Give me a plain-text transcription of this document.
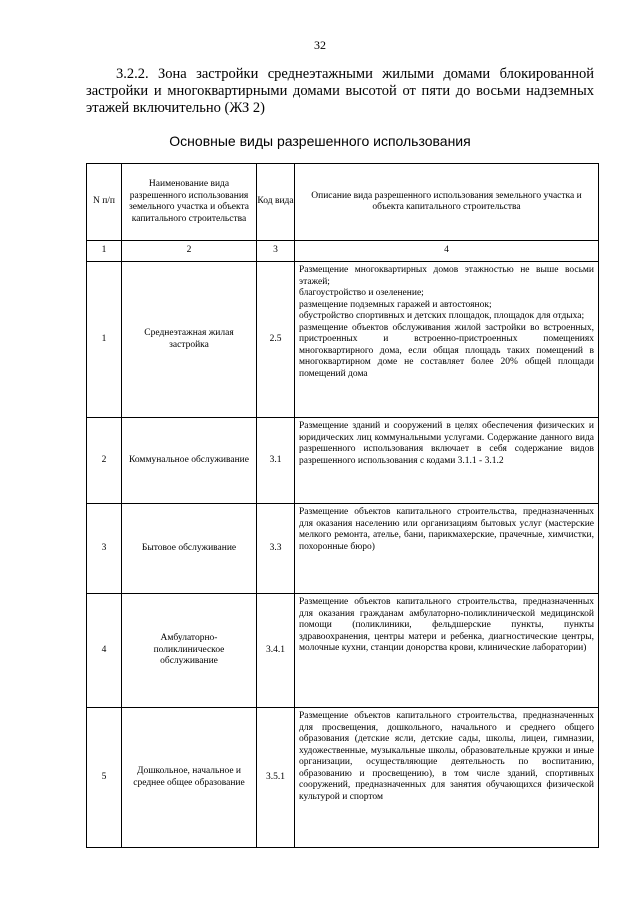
32
3.2.2. Зона застройки среднеэтажными жилыми домами блокированной застройки и многоквартирными домами высотой от пяти до восьми надземных этажей включительно (ЖЗ 2)
Основные виды разрешенного использования
N п/п	Наименование вида разрешенного использования земельного участка и объекта капитального строительства	Код вида	Описание вида разрешенного использования земельного участка и объекта капитального строительства
1	2	3	4
1	Среднеэтажная жилая застройка	2.5	Размещение многоквартирных домов этажностью не выше восьми этажей;
благоустройство и озеленение;
размещение подземных гаражей и автостоянок;
обустройство спортивных и детских площадок, площадок для отдыха;
размещение объектов обслуживания жилой застройки во встроенных, пристроенных и встроенно-пристроенных помещениях многоквартирного дома, если общая площадь таких помещений в многоквартирном доме не составляет более 20% общей площади помещений дома

2	Коммунальное обслуживание	3.1	Размещение зданий и сооружений в целях обеспечения физических и юридических лиц коммунальными услугами. Содержание данного вида разрешенного использования включает в себя содержание видов разрешенного использования с кодами 3.1.1 - 3.1.2

3	Бытовое обслуживание	3.3	Размещение объектов капитального строительства, предназначенных для оказания населению или организациям бытовых услуг (мастерские мелкого ремонта, ателье, бани, парикмахерские, прачечные, химчистки, похоронные бюро)

4	Амбулаторно-поликлиническое обслуживание	3.4.1	Размещение объектов капитального строительства, предназначенных для оказания гражданам амбулаторно-поликлинической медицинской помощи (поликлиники, фельдшерские пункты, пункты здравоохранения, центры матери и ребенка, диагностические центры, молочные кухни, станции донорства крови, клинические лаборатории)

5	Дошкольное, начальное и среднее общее образование	3.5.1	Размещение объектов капитального строительства, предназначенных для просвещения, дошкольного, начального и среднего общего образования (детские ясли, детские сады, школы, лицеи, гимназии, художественные, музыкальные школы, образовательные кружки и иные организации, осуществляющие деятельность по воспитанию, образованию и просвещению), в том числе зданий, спортивных сооружений, предназначенных для занятия обучающихся физической культурой и спортом
